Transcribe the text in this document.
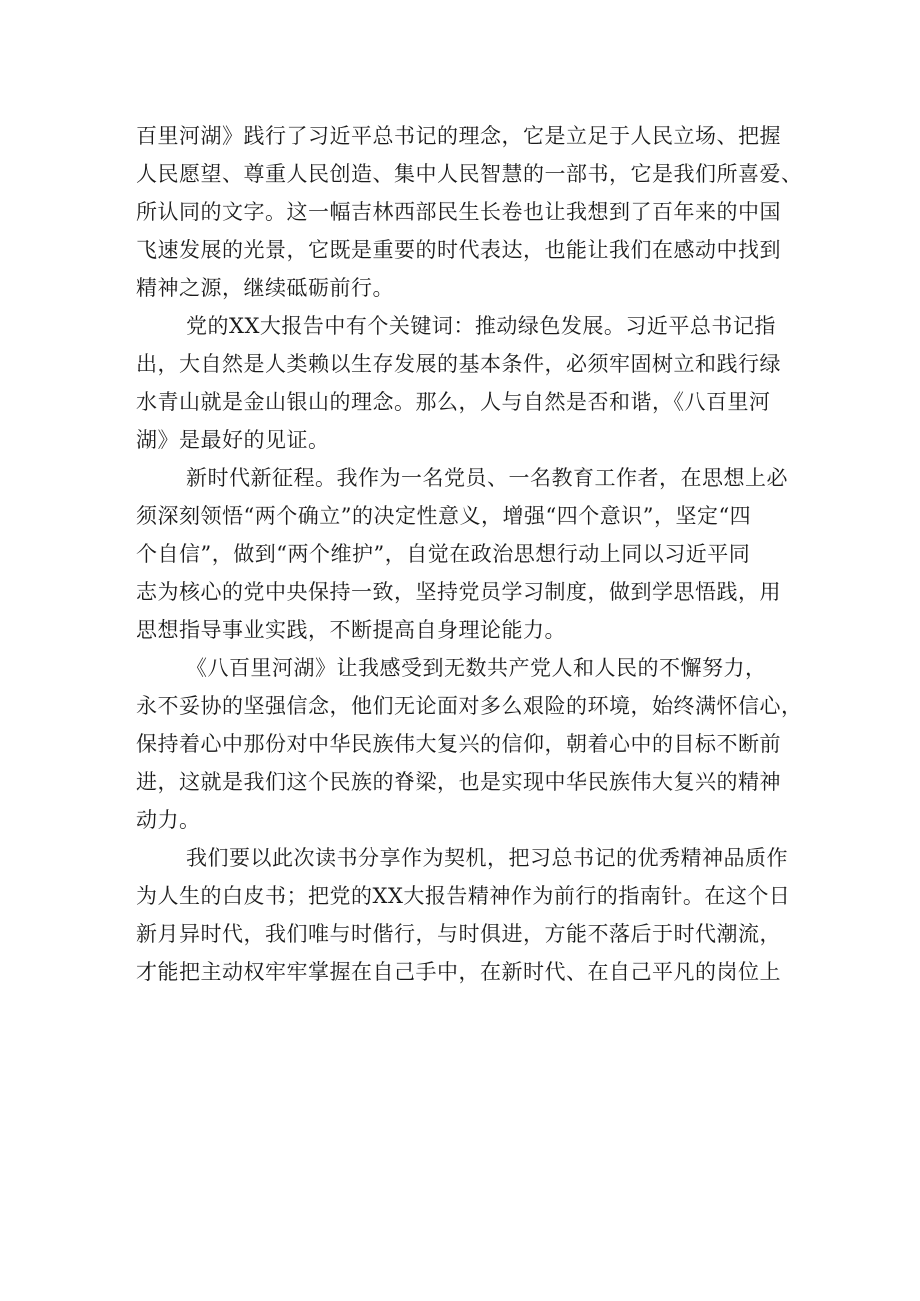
百里河湖》践行了习近平总书记的理念，它是立足于人民立场、把握
人民愿望、尊重人民创造、集中人民智慧的一部书，它是我们所喜爱、
所认同的文字。这一幅吉林西部民生长卷也让我想到了百年来的中国
飞速发展的光景，它既是重要的时代表达，也能让我们在感动中找到
精神之源，继续砥砺前行。
党的XX大报告中有个关键词：推动绿色发展。习近平总书记指
出，大自然是人类赖以生存发展的基本条件，必须牢固树立和践行绿
水青山就是金山银山的理念。那么，人与自然是否和谐，《八百里河
湖》是最好的见证。
新时代新征程。我作为一名党员、一名教育工作者，在思想上必
须深刻领悟“两个确立”的决定性意义，增强“四个意识”，坚定“四
个自信”，做到“两个维护”，自觉在政治思想行动上同以习近平同
志为核心的党中央保持一致，坚持党员学习制度，做到学思悟践，用
思想指导事业实践，不断提高自身理论能力。
《八百里河湖》让我感受到无数共产党人和人民的不懈努力，
永不妥协的坚强信念，他们无论面对多么艰险的环境，始终满怀信心，
保持着心中那份对中华民族伟大复兴的信仰，朝着心中的目标不断前
进，这就是我们这个民族的脊梁，也是实现中华民族伟大复兴的精神
动力。
我们要以此次读书分享作为契机，把习总书记的优秀精神品质作
为人生的白皮书；把党的XX大报告精神作为前行的指南针。在这个日
新月异时代，我们唯与时偕行，与时俱进，方能不落后于时代潮流，
才能把主动权牢牢掌握在自己手中，在新时代、在自己平凡的岗位上
